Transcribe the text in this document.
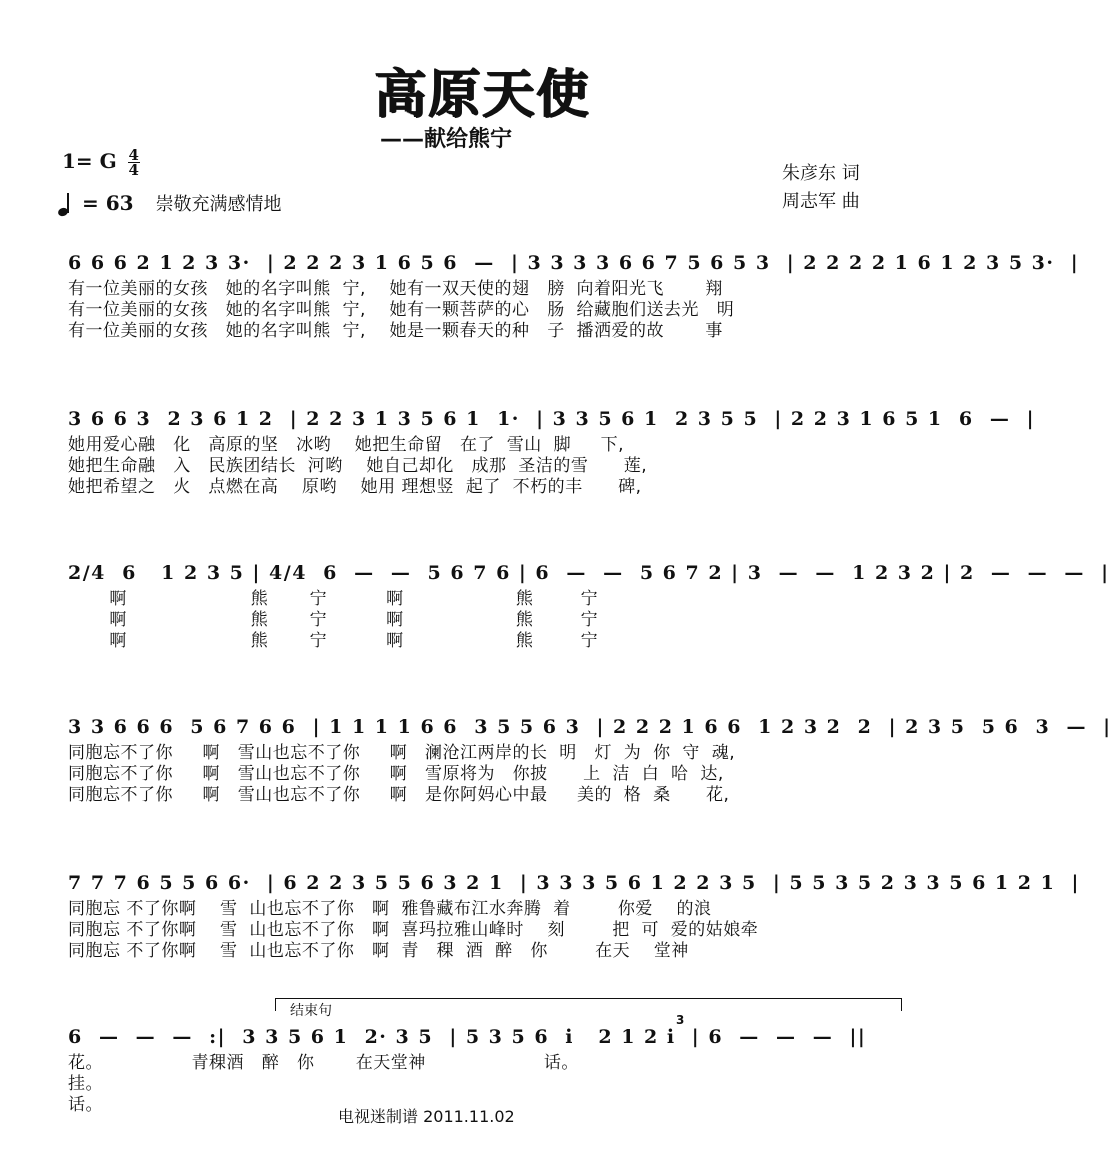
高原天使
——献给熊宁
1= G $\frac{4}{4}$
= 63 崇敬充满感情地
朱彦东 词
周志军 曲
6 6 6 2 1 2 3 3·  | 2 2 2 3 1 6 5 6  —  | 3 3 3 3 6 6 7 5 6 5 3  | 2 2 2 2 1 6 1 2 3 5 3·  |
有一位美丽的女孩   她的名字叫熊  宁,    她有一双天使的翅   膀  向着阳光飞       翔
有一位美丽的女孩   她的名字叫熊  宁,    她有一颗菩萨的心   肠  给藏胞们送去光   明
有一位美丽的女孩   她的名字叫熊  宁,    她是一颗春天的种   子  播洒爱的故       事
3 6 6 3  2 3 6 1 2  | 2 2 3 1 3 5 6 1  1·  | 3 3 5 6 1  2 3 5 5  | 2 2 3 1 6 5 1  6  —  |
她用爱心融   化   高原的坚   冰哟    她把生命留   在了  雪山  脚     下,
她把生命融   入   民族团结长  河哟    她自己却化   成那  圣洁的雪      莲,
她把希望之   火   点燃在高    原哟    她用 理想竖  起了  不朽的丰      碑,
2/4  6   1 2 3 5 | 4/4  6  —  —  5 6 7 6 | 6  —  —  5 6 7 2 | 3  —  —  1 2 3 2 | 2  —  —  —  |
啊                     熊       宁          啊                   熊        宁
啊                     熊       宁          啊                   熊        宁
啊                     熊       宁          啊                   熊        宁
3 3 6 6 6  5 6 7 6 6  | 1 1 1 1 6 6  3 5 5 6 3  | 2 2 2 1 6 6  1 2 3 2  2  | 2 3 5  5 6  3  —  |
同胞忘不了你     啊   雪山也忘不了你     啊   澜沧江两岸的长  明   灯  为  你  守  魂,
同胞忘不了你     啊   雪山也忘不了你     啊   雪原将为   你披      上  洁  白  哈  达,
同胞忘不了你     啊   雪山也忘不了你     啊   是你阿妈心中最     美的  格  桑      花,
7 7 7 6 5 5 6 6·  | 6 2 2 3 5 5 6 3 2 1  | 3 3 3 5 6 1 2 2 3 5  | 5 5 3 5 2 3 3 5 6 1 2 1  |
同胞忘 不了你啊    雪  山也忘不了你   啊  雅鲁藏布江水奔腾  着        你爱    的浪
同胞忘 不了你啊    雪  山也忘不了你   啊  喜玛拉雅山峰时    刻        把  可  爱的姑娘牵
同胞忘 不了你啊    雪  山也忘不了你   啊  青   稞  酒  醉   你        在天    堂神
结束句
3
6  —  —  —  :|  3 3 5 6 1  2· 3 5  | 5 3 5 6  i   2 1 2 i  | 6  —  —  —  ||
花。               青稞酒   醉   你       在天堂神                    话。
挂。
话。
电视迷制谱 2011.11.02
